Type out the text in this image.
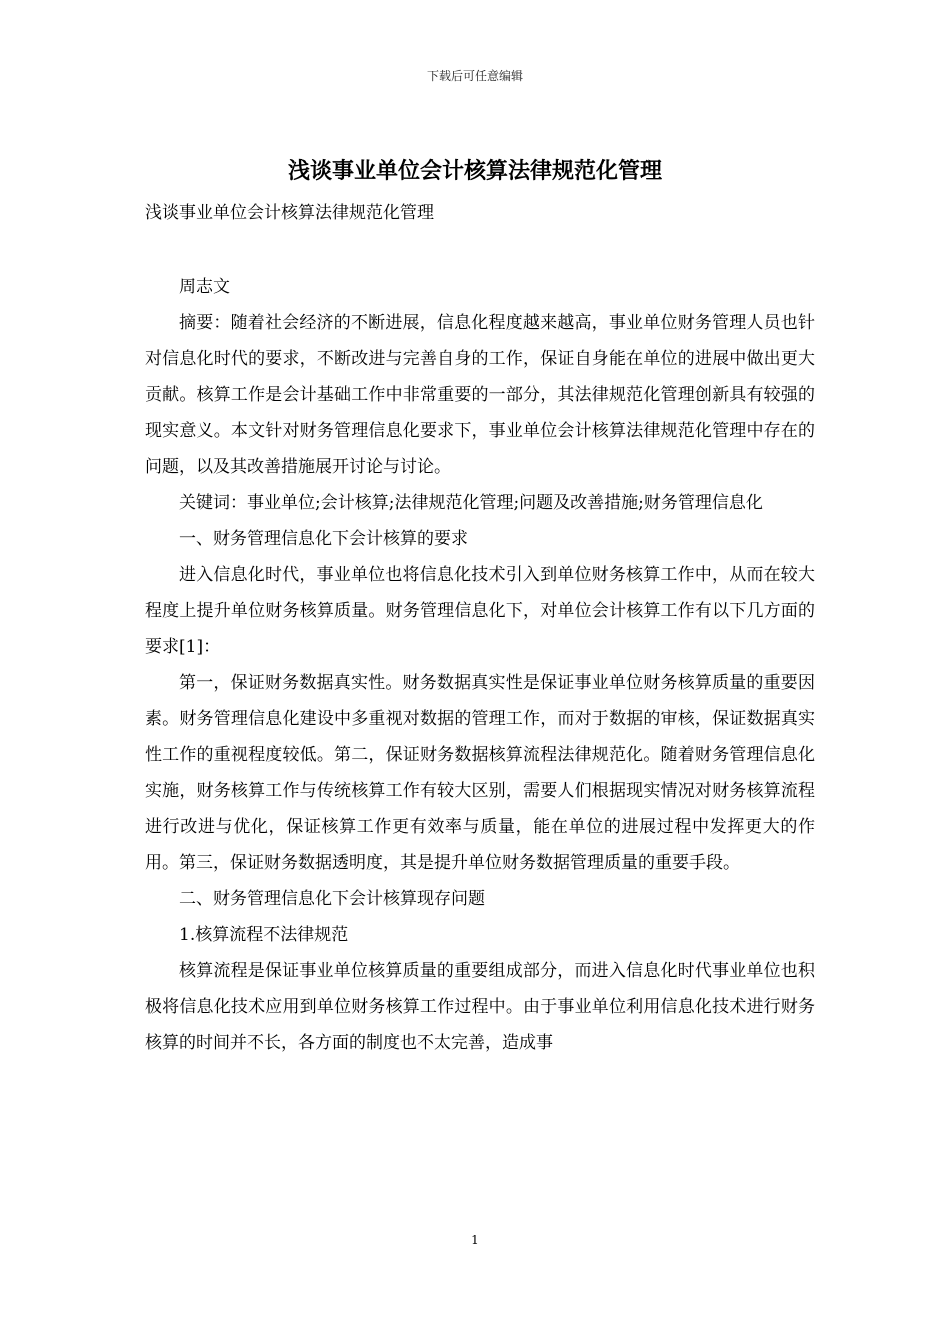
下载后可任意编辑
浅谈事业单位会计核算法律规范化管理
浅谈事业单位会计核算法律规范化管理

周志文

摘要：随着社会经济的不断进展，信息化程度越来越高，事业单位财务管理人员也针对信息化时代的要求，不断改进与完善自身的工作，保证自身能在单位的进展中做出更大贡献。核算工作是会计基础工作中非常重要的一部分，其法律规范化管理创新具有较强的现实意义。本文针对财务管理信息化要求下，事业单位会计核算法律规范化管理中存在的问题，以及其改善措施展开讨论与讨论。

关键词：事业单位;会计核算;法律规范化管理;问题及改善措施;财务管理信息化

一、财务管理信息化下会计核算的要求

进入信息化时代，事业单位也将信息化技术引入到单位财务核算工作中，从而在较大程度上提升单位财务核算质量。财务管理信息化下，对单位会计核算工作有以下几方面的要求[1]：

第一，保证财务数据真实性。财务数据真实性是保证事业单位财务核算质量的重要因素。财务管理信息化建设中多重视对数据的管理工作，而对于数据的审核，保证数据真实性工作的重视程度较低。第二，保证财务数据核算流程法律规范化。随着财务管理信息化实施，财务核算工作与传统核算工作有较大区别，需要人们根据现实情况对财务核算流程进行改进与优化，保证核算工作更有效率与质量，能在单位的进展过程中发挥更大的作用。第三，保证财务数据透明度，其是提升单位财务数据管理质量的重要手段。

二、财务管理信息化下会计核算现存问题

1.核算流程不法律规范

核算流程是保证事业单位核算质量的重要组成部分，而进入信息化时代事业单位也积极将信息化技术应用到单位财务核算工作过程中。由于事业单位利用信息化技术进行财务核算的时间并不长，各方面的制度也不太完善，造成事

1
